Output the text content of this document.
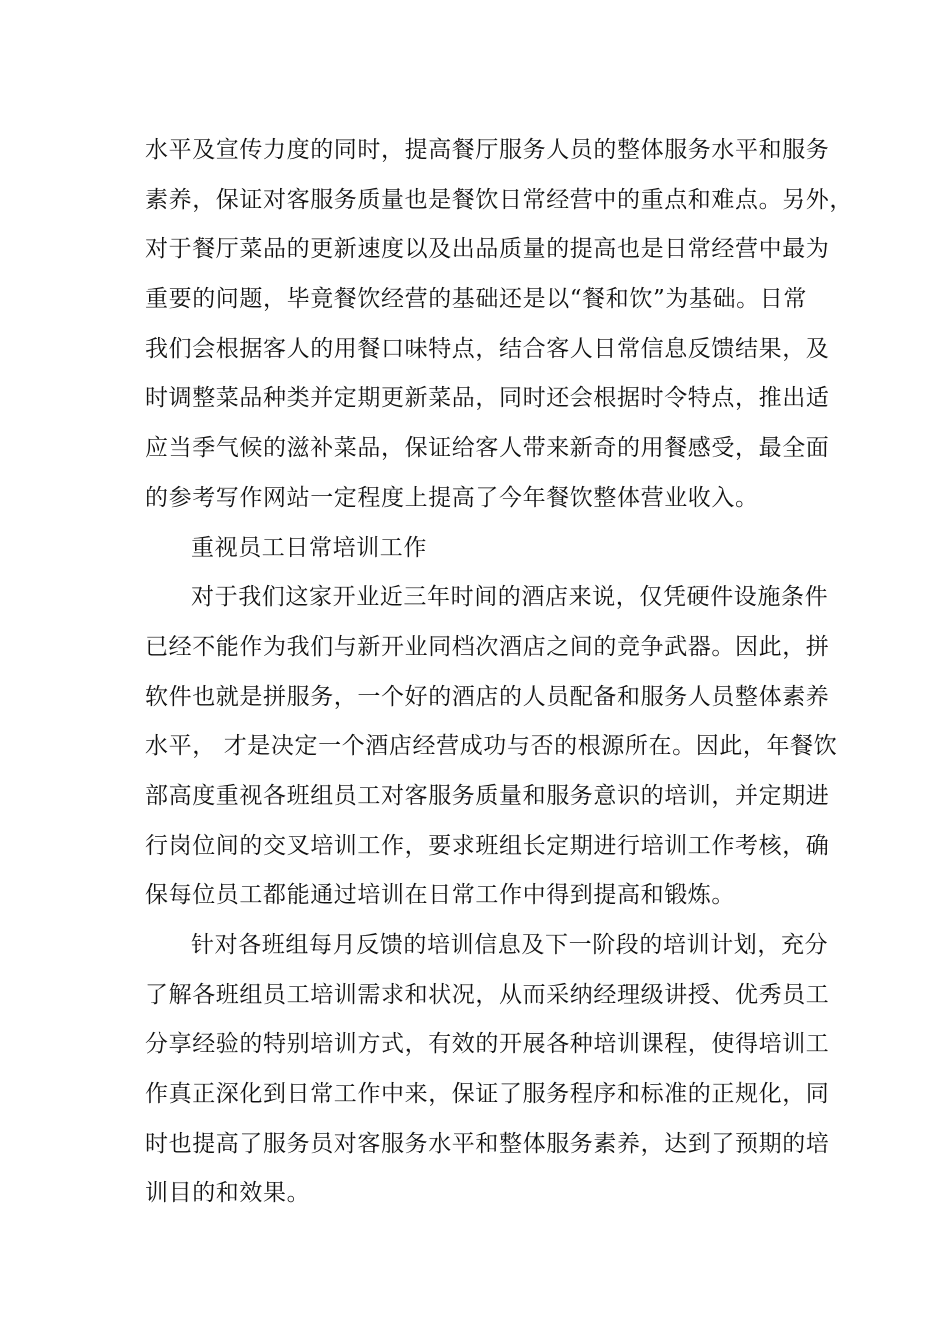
水平及宣传力度的同时，提高餐厅服务人员的整体服务水平和服务
素养，保证对客服务质量也是餐饮日常经营中的重点和难点。另外，
对于餐厅菜品的更新速度以及出品质量的提高也是日常经营中最为
重要的问题，毕竟餐饮经营的基础还是以“餐和饮”为基础。日常
我们会根据客人的用餐口味特点，结合客人日常信息反馈结果，及
时调整菜品种类并定期更新菜品，同时还会根据时令特点，推出适
应当季气候的滋补菜品，保证给客人带来新奇的用餐感受，最全面
的参考写作网站一定程度上提高了今年餐饮整体营业收入。
重视员工日常培训工作
对于我们这家开业近三年时间的酒店来说，仅凭硬件设施条件
已经不能作为我们与新开业同档次酒店之间的竞争武器。因此，拼
软件也就是拼服务，一个好的酒店的人员配备和服务人员整体素养
水平， 才是决定一个酒店经营成功与否的根源所在。因此，年餐饮
部高度重视各班组员工对客服务质量和服务意识的培训，并定期进
行岗位间的交叉培训工作，要求班组长定期进行培训工作考核，确
保每位员工都能通过培训在日常工作中得到提高和锻炼。
针对各班组每月反馈的培训信息及下一阶段的培训计划，充分
了解各班组员工培训需求和状况，从而采纳经理级讲授、优秀员工
分享经验的特别培训方式，有效的开展各种培训课程，使得培训工
作真正深化到日常工作中来，保证了服务程序和标准的正规化，同
时也提高了服务员对客服务水平和整体服务素养，达到了预期的培
训目的和效果。
